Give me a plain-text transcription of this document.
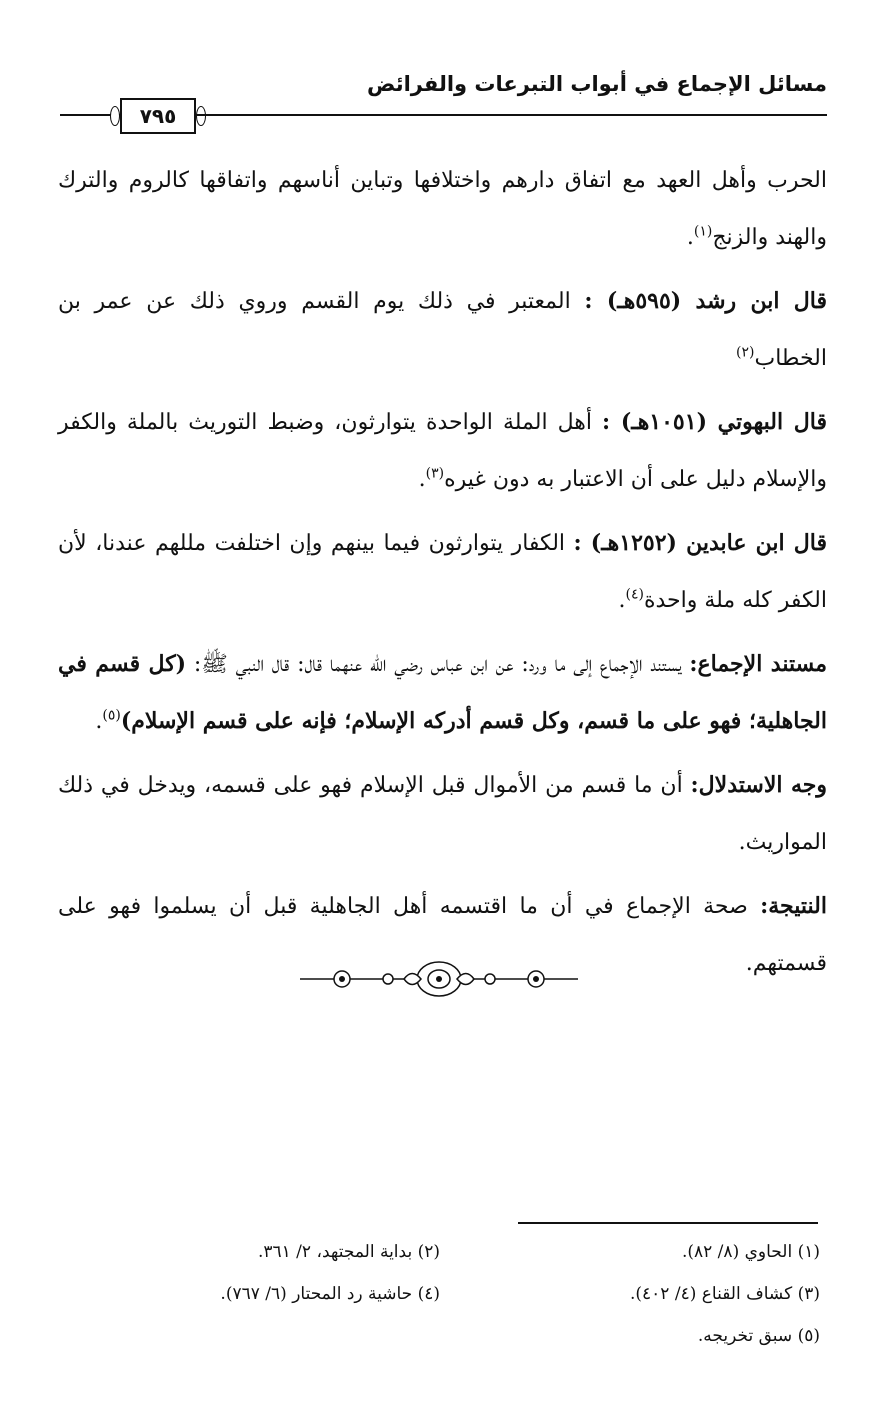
مسائل الإجماع في أبواب التبرعات والفرائض
٧٩٥

الحرب وأهل العهد مع اتفاق دارهم واختلافها وتباين أناسهم واتفاقها كالروم والترك والهند والزنج$^{(١)}$.

قال ابن رشد (٥٩٥هـ) : المعتبر في ذلك يوم القسم وروي ذلك عن عمر بن الخطاب$^{(٢)}$

قال البهوتي (١٠٥١هـ) : أهل الملة الواحدة يتوارثون، وضبط التوريث بالملة والكفر والإسلام دليل على أن الاعتبار به دون غيره$^{(٣)}$.

قال ابن عابدين (١٢٥٢هـ) : الكفار يتوارثون فيما بينهم وإن اختلفت مللهم عندنا، لأن الكفر كله ملة واحدة$^{(٤)}$.

مستند الإجماع: يستند الإجماع إلى ما ورد: عن ابن عباس رضي الله عنهما قال: قال النبي ﷺ: (كل قسم في الجاهلية؛ فهو على ما قسم، وكل قسم أدركه الإسلام؛ فإنه على قسم الإسلام)$^{(٥)}$.

وجه الاستدلال: أن ما قسم من الأموال قبل الإسلام فهو على قسمه، ويدخل في ذلك المواريث.

النتيجة: صحة الإجماع في أن ما اقتسمه أهل الجاهلية قبل أن يسلموا فهو على قسمتهم.

(١) الحاوي (٨/ ٨٢).
(٢) بداية المجتهد، ٢/ ٣٦١.
(٣) كشاف القناع (٤/ ٤٠٢).
(٤) حاشية رد المحتار (٦/ ٧٦٧).
(٥) سبق تخريجه.
